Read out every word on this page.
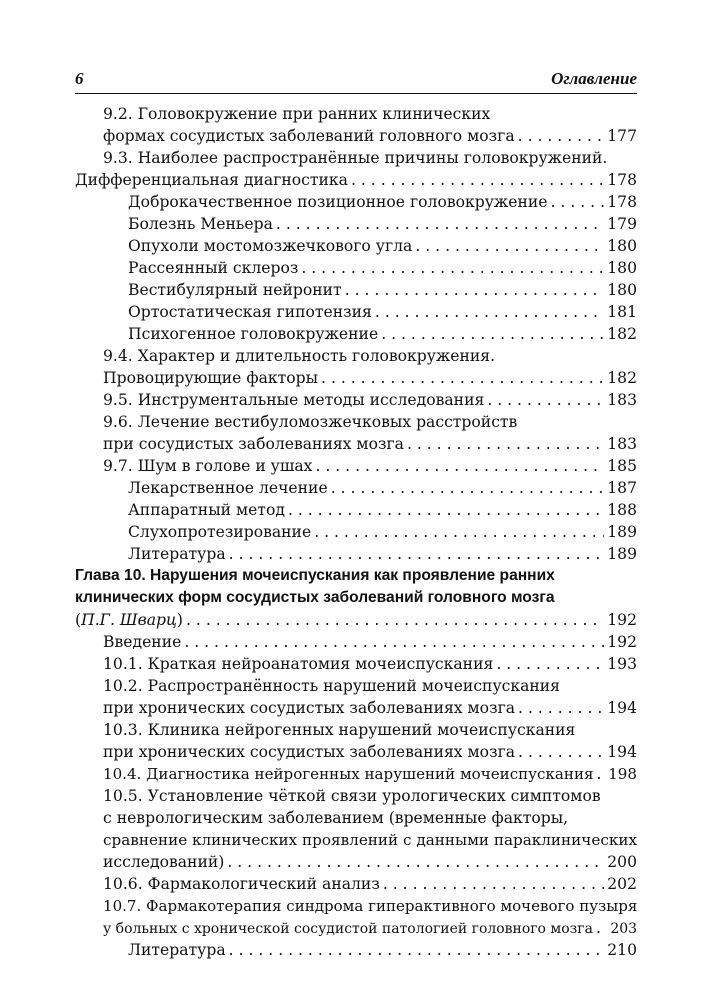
6	Оглавление
9.2. Головокружение при ранних клинических
формах сосудистых заболеваний головного мозга . . .	177
9.3. Наиболее распространённые причины головокружений.
Дифференциальная диагностика . . .	178
Доброкачественное позиционное головокружение . . .	178
Болезнь Меньера . . .	179
Опухоли мостомозжечкового угла . . .	180
Рассеянный склероз . . .	180
Вестибулярный нейронит . . .	180
Ортостатическая гипотензия . . .	181
Психогенное головокружение . . .	182
9.4. Характер и длительность головокружения.
Провоцирующие факторы . . .	182
9.5. Инструментальные методы исследования . . .	183
9.6. Лечение вестибуломозжечковых расстройств
при сосудистых заболеваниях мозга . . .	183
9.7. Шум в голове и ушах . . .	185
Лекарственное лечение . . .	187
Аппаратный метод . . .	188
Слухопротезирование . . .	189
Литература . . .	189
Глава 10. Нарушения мочеиспускания как проявление ранних
клинических форм сосудистых заболеваний головного мозга
(П.Г. Шварц) . . .	192
Введение . . .	192
10.1. Краткая нейроанатомия мочеиспускания . . .	193
10.2. Распространённость нарушений мочеиспускания
при хронических сосудистых заболеваниях мозга . . .	194
10.3. Клиника нейрогенных нарушений мочеиспускания
при хронических сосудистых заболеваниях мозга . . .	194
10.4. Диагностика нейрогенных нарушений мочеиспускания . . . 198
10.5. Установление чёткой связи урологических симптомов
с неврологическим заболеванием (временные факторы,
сравнение клинических проявлений с данными параклинических
исследований) . . .	200
10.6. Фармакологический анализ . . .	202
10.7. Фармакотерапия синдрома гиперактивного мочевого пузыря
у больных с хронической сосудистой патологией головного мозга . . . 203
Литература . . .	210
